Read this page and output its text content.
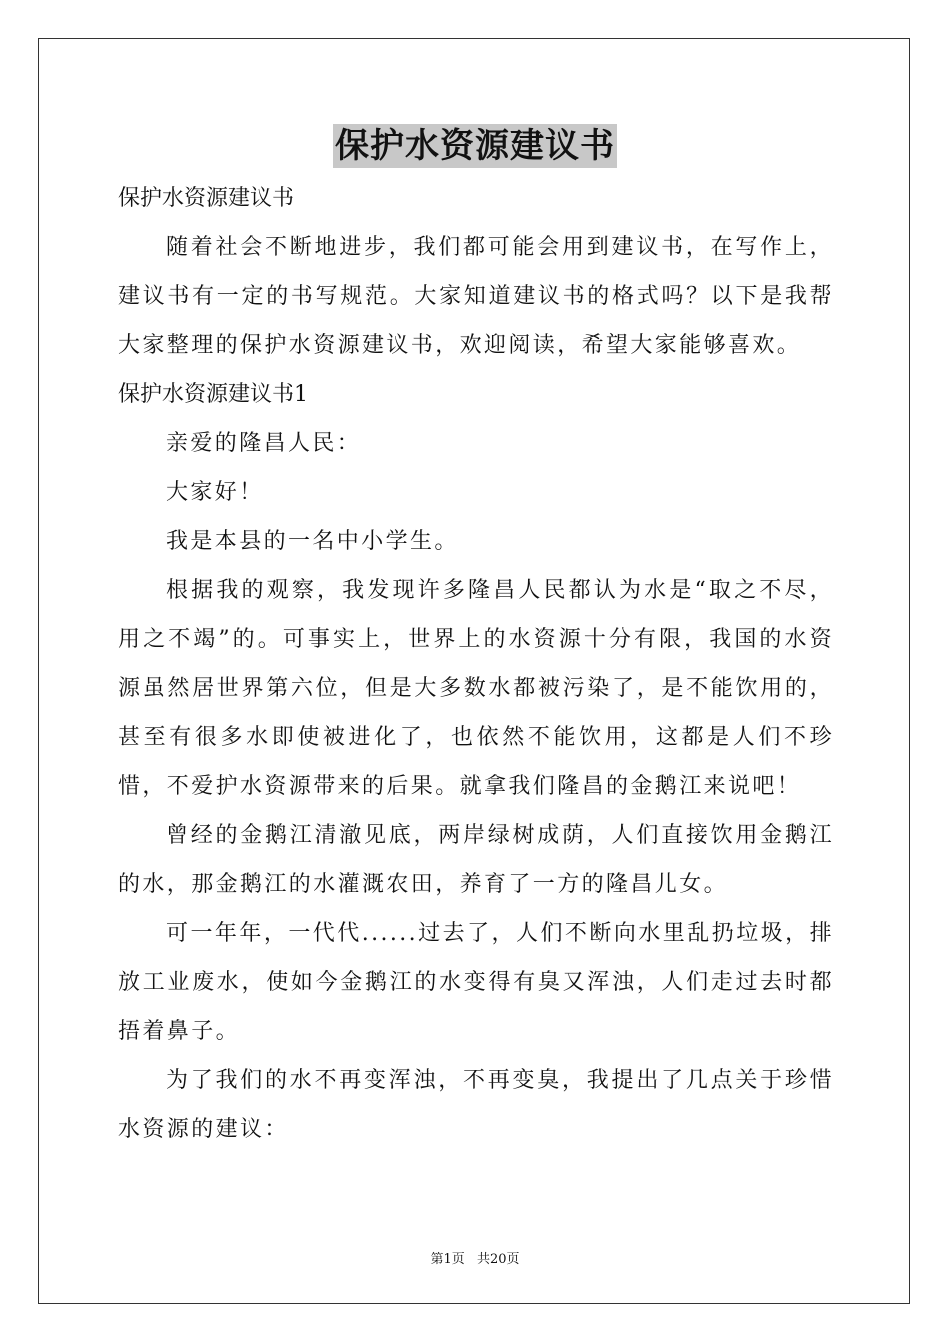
保护水资源建议书

保护水资源建议书

随着社会不断地进步，我们都可能会用到建议书，在写作上，建议书有一定的书写规范。大家知道建议书的格式吗？以下是我帮大家整理的保护水资源建议书，欢迎阅读，希望大家能够喜欢。

保护水资源建议书1

亲爱的隆昌人民：

大家好！

我是本县的一名中小学生。

根据我的观察，我发现许多隆昌人民都认为水是“取之不尽，用之不竭”的。可事实上，世界上的水资源十分有限，我国的水资源虽然居世界第六位，但是大多数水都被污染了，是不能饮用的，甚至有很多水即使被进化了，也依然不能饮用，这都是人们不珍惜，不爱护水资源带来的后果。就拿我们隆昌的金鹅江来说吧！

曾经的金鹅江清澈见底，两岸绿树成荫，人们直接饮用金鹅江的水，那金鹅江的水灌溉农田，养育了一方的隆昌儿女。

可一年年，一代代......过去了，人们不断向水里乱扔垃圾，排放工业废水，使如今金鹅江的水变得有臭又浑浊，人们走过去时都捂着鼻子。

为了我们的水不再变浑浊，不再变臭，我提出了几点关于珍惜水资源的建议：

第1页 共20页
